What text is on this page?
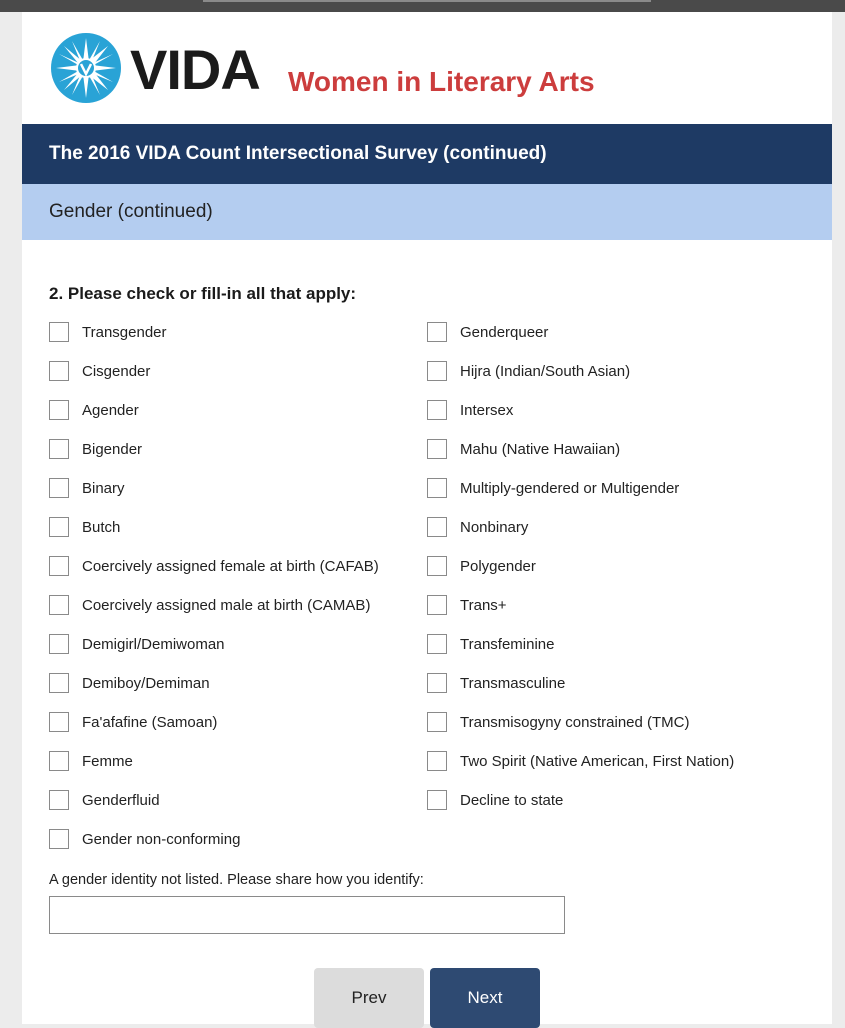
VIDA Women in Literary Arts
The 2016 VIDA Count Intersectional Survey (continued)
Gender (continued)
2. Please check or fill-in all that apply:
Transgender
Cisgender
Agender
Bigender
Binary
Butch
Coercively assigned female at birth (CAFAB)
Coercively assigned male at birth (CAMAB)
Demigirl/Demiwoman
Demiboy/Demiman
Fa'afafine (Samoan)
Femme
Genderfluid
Gender non-conforming
Genderqueer
Hijra (Indian/South Asian)
Intersex
Mahu (Native Hawaiian)
Multiply-gendered or Multigender
Nonbinary
Polygender
Trans+
Transfeminine
Transmasculine
Transmisogyny constrained (TMC)
Two Spirit (Native American, First Nation)
Decline to state
A gender identity not listed. Please share how you identify:
Prev	Next
